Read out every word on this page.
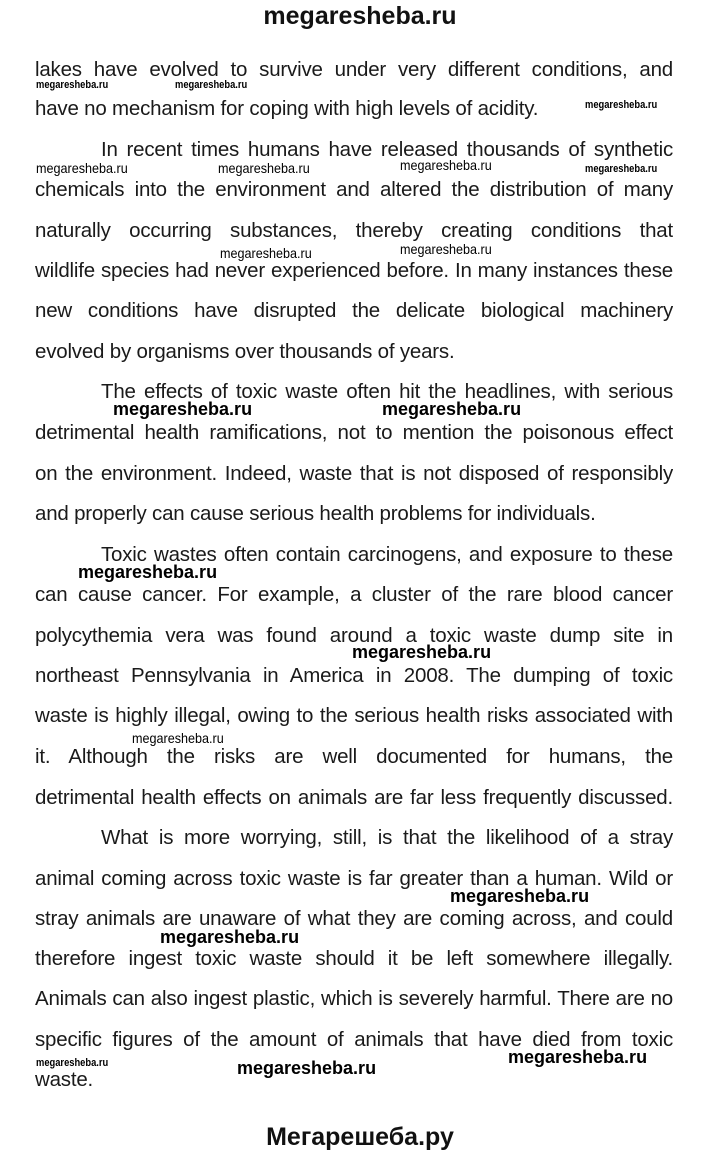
megaresheba.ru
lakes have evolved to survive under very different conditions, and
have no mechanism for coping with high levels of acidity.
In recent times humans have released thousands of synthetic
chemicals into the environment and altered the distribution of many
naturally occurring substances, thereby creating conditions that
wildlife species had never experienced before. In many instances these
new conditions have disrupted the delicate biological machinery
evolved by organisms over thousands of years.
The effects of toxic waste often hit the headlines, with serious
detrimental health ramifications, not to mention the poisonous effect
on the environment. Indeed, waste that is not disposed of responsibly
and properly can cause serious health problems for individuals.
Toxic wastes often contain carcinogens, and exposure to these
can cause cancer. For example, a cluster of the rare blood cancer
polycythemia vera was found around a toxic waste dump site in
northeast Pennsylvania in America in 2008. The dumping of toxic
waste is highly illegal, owing to the serious health risks associated with
it. Although the risks are well documented for humans, the
detrimental health effects on animals are far less frequently discussed.
What is more worrying, still, is that the likelihood of a stray
animal coming across toxic waste is far greater than a human. Wild or
stray animals are unaware of what they are coming across, and could
therefore ingest toxic waste should it be left somewhere illegally.
Animals can also ingest plastic, which is severely harmful. There are no
specific figures of the amount of animals that have died from toxic
waste.
megaresheba.ru	megaresheba.ru
megaresheba.ru
megaresheba.ru	megaresheba.ru	megaresheba.ru	megaresheba.ru
megaresheba.ru	megaresheba.ru
megaresheba.ru	megaresheba.ru
megaresheba.ru
megaresheba.ru
megaresheba.ru
megaresheba.ru
megaresheba.ru
megaresheba.ru
megaresheba.ru	megaresheba.ru
Мегарешеба.ру
